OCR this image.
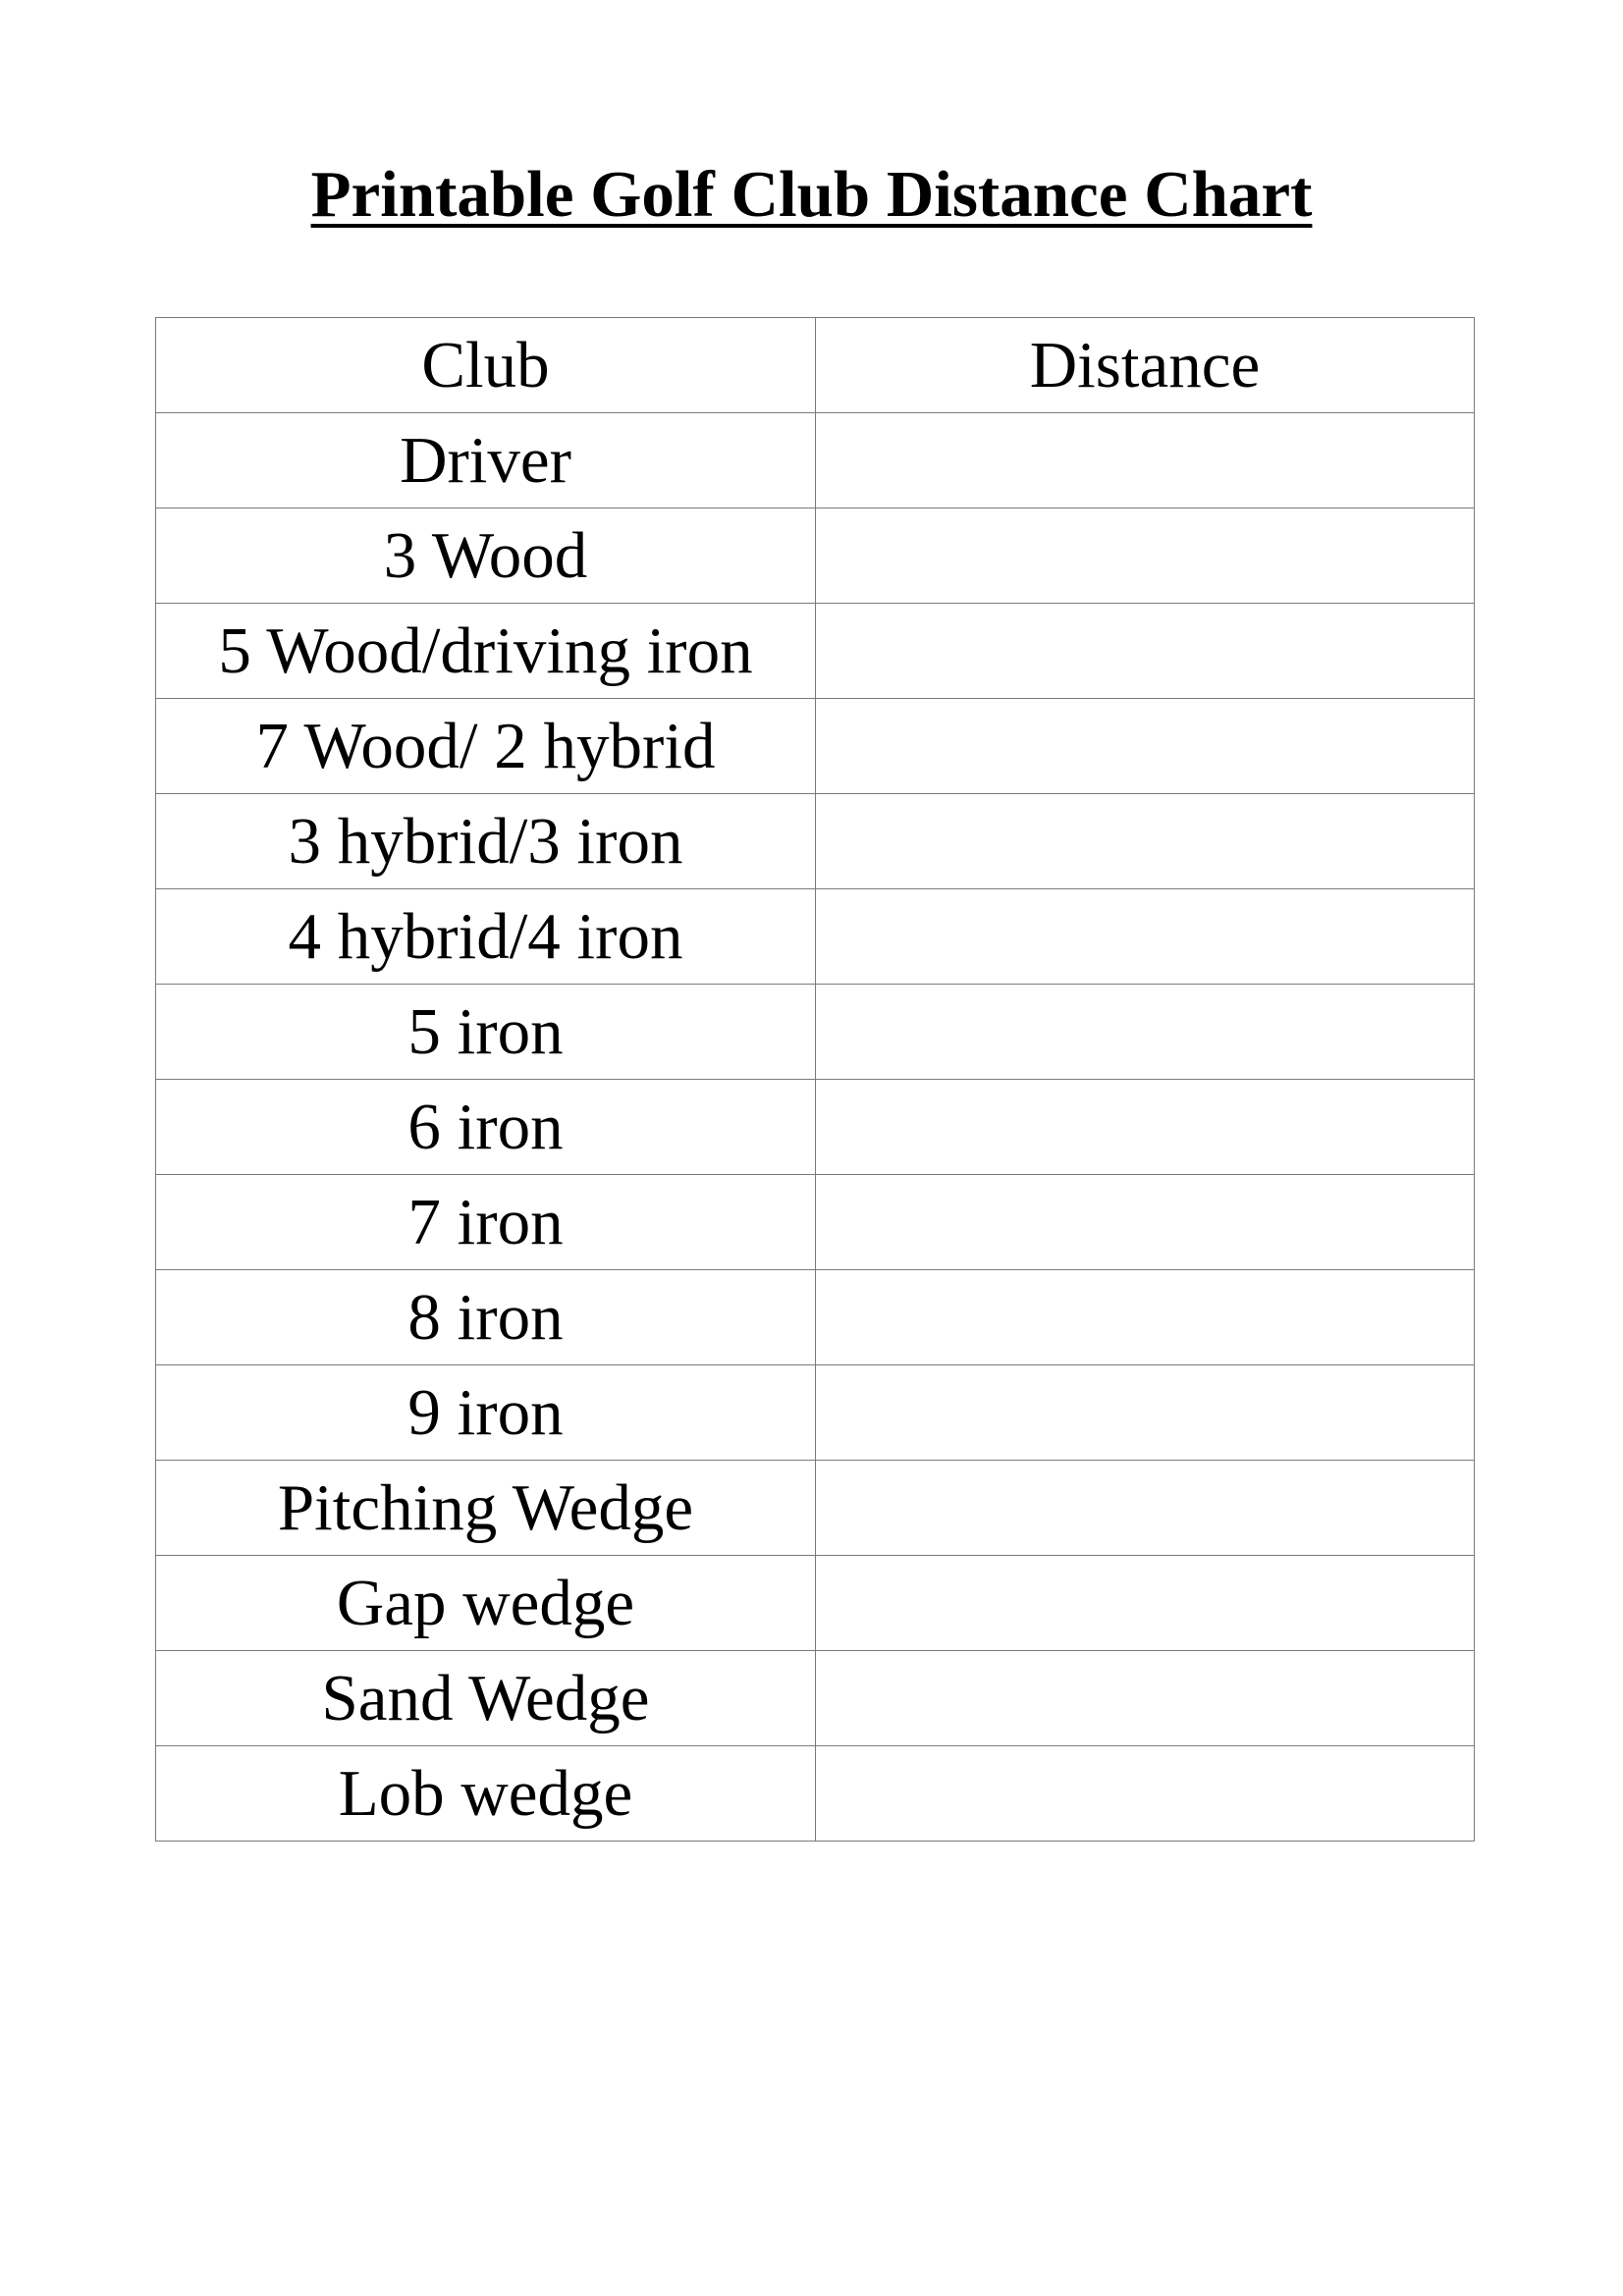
Printable Golf Club Distance Chart
Club	Distance
Driver	
3 Wood	
5 Wood/driving iron	
7 Wood/ 2 hybrid	
3 hybrid/3 iron	
4 hybrid/4 iron	
5 iron	
6 iron	
7 iron	
8 iron	
9 iron	
Pitching Wedge	
Gap wedge	
Sand Wedge	
Lob wedge	
